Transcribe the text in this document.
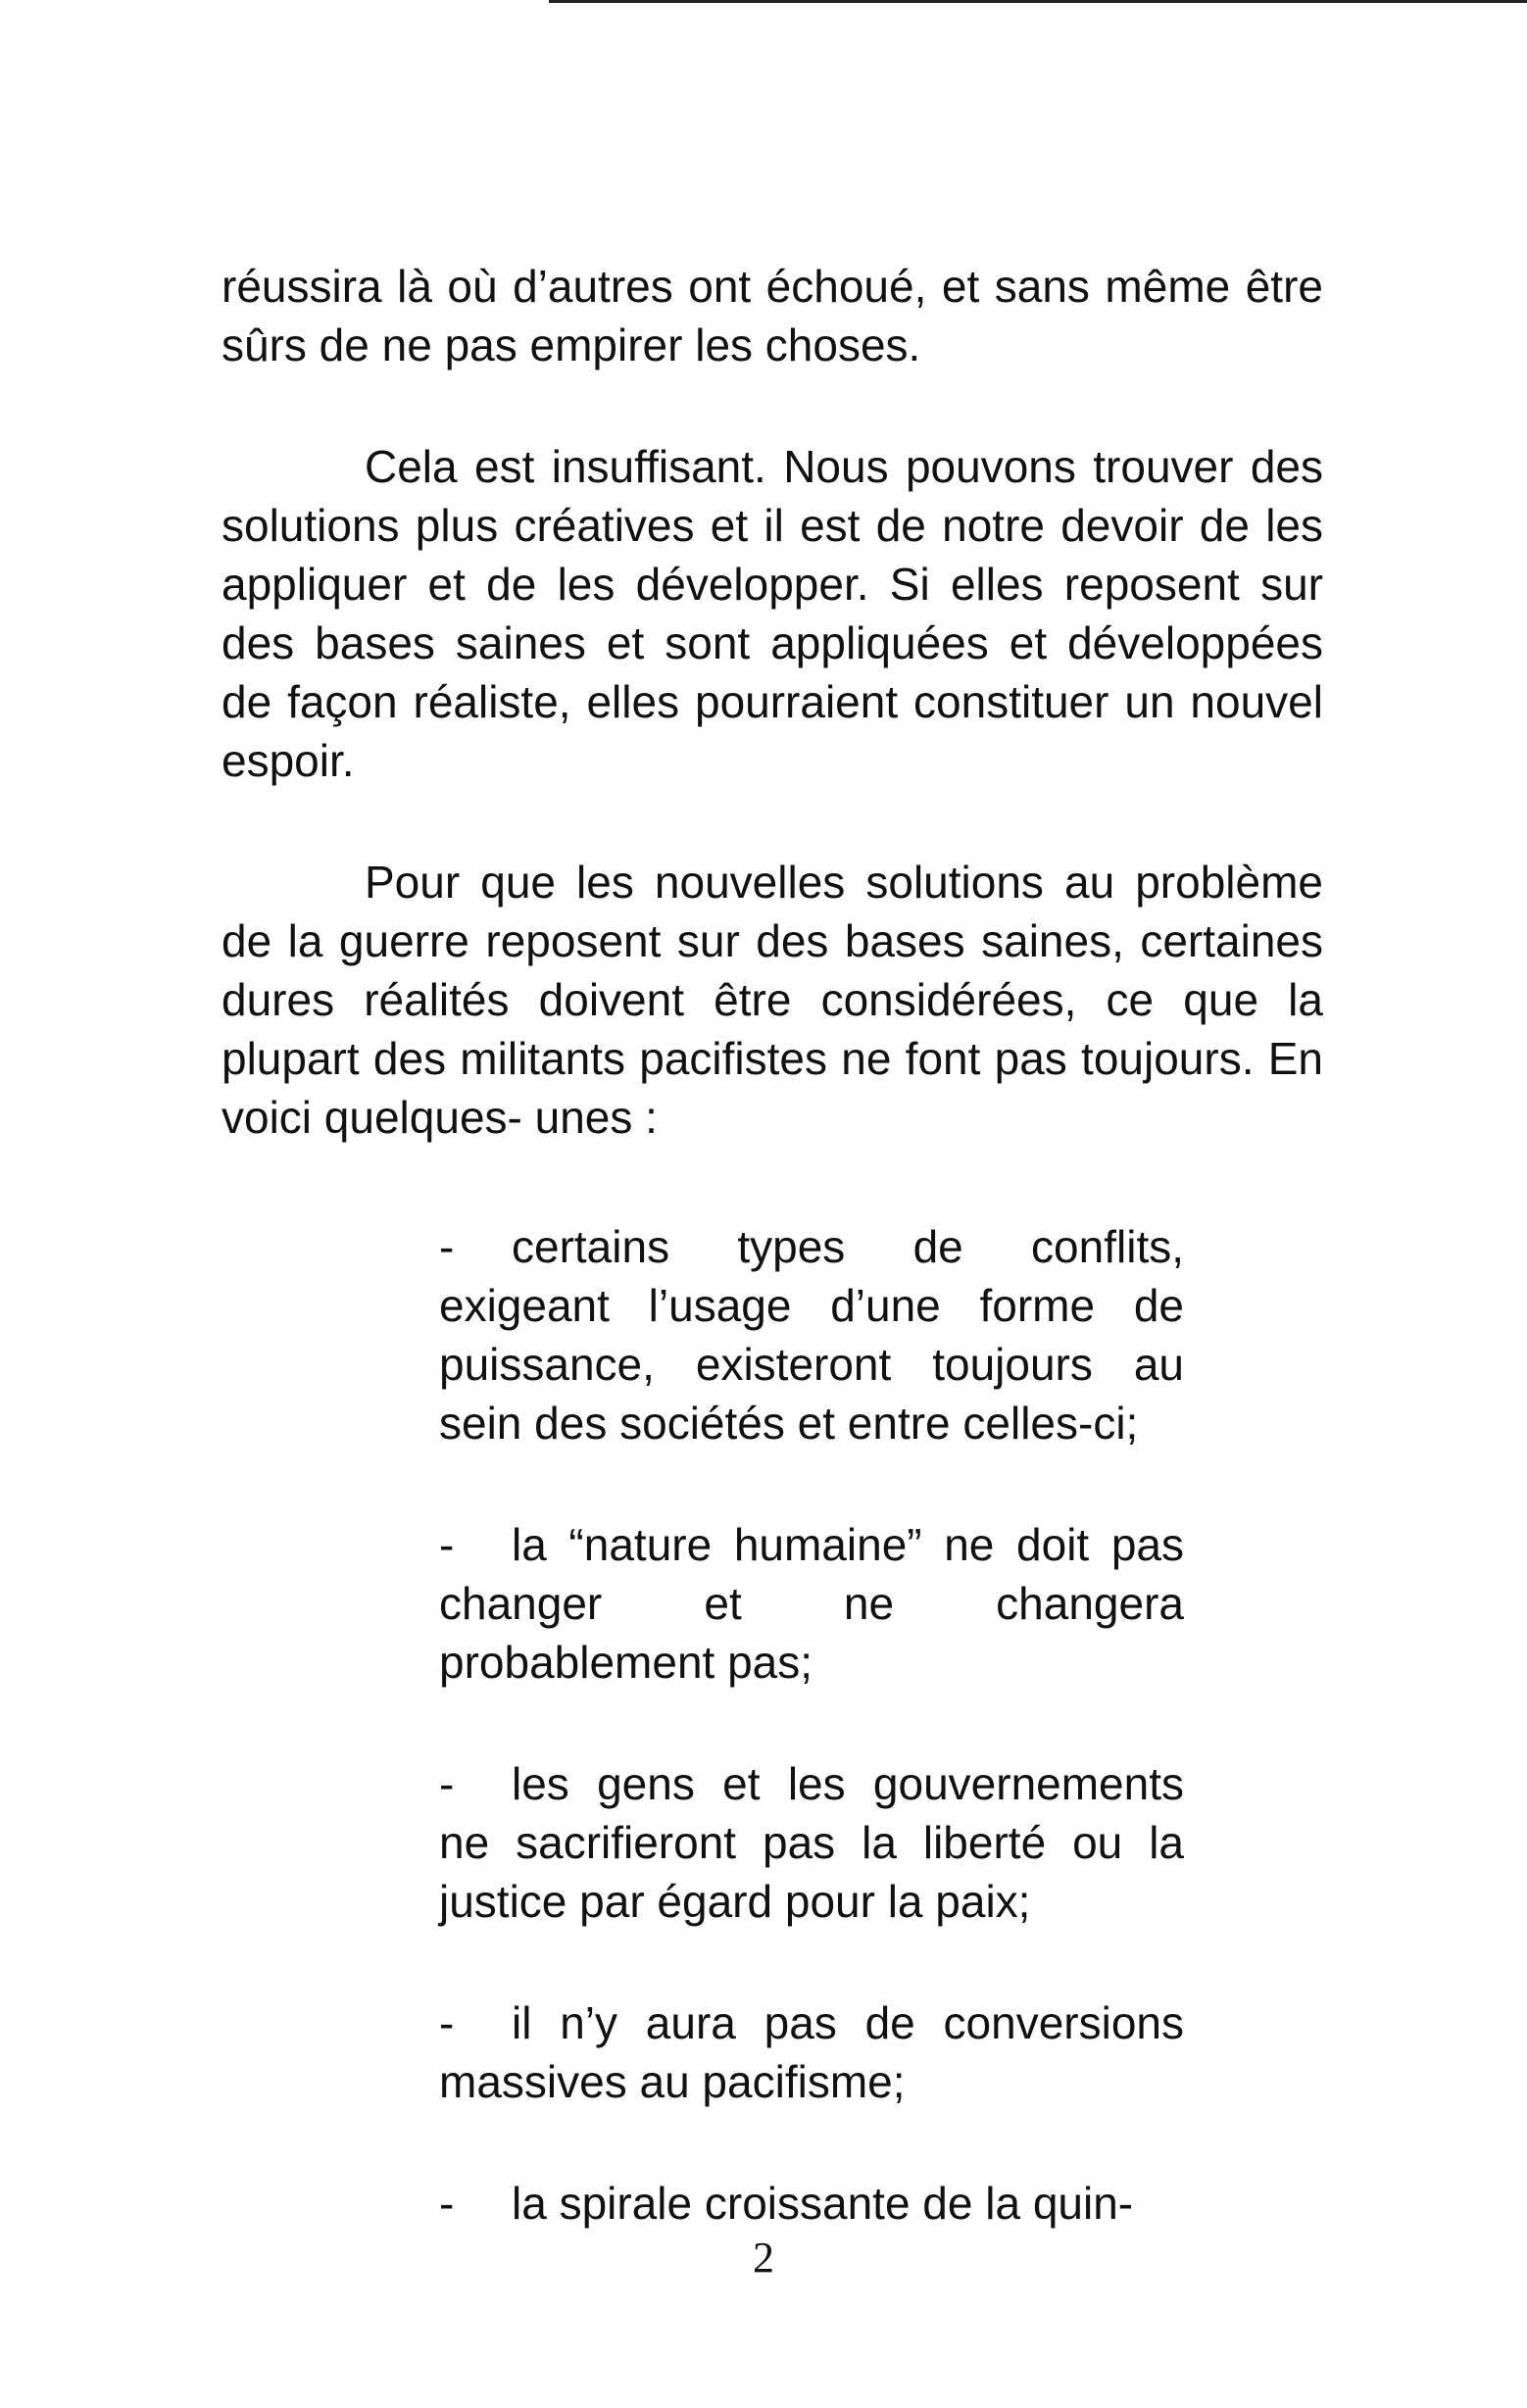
réussira là où d’autres ont échoué, et sans même être sûrs de ne pas empirer les choses.

Cela est insuffisant. Nous pouvons trouver des solutions plus créatives et il est de notre devoir de les appliquer et de les développer. Si elles reposent sur des bases saines et sont appliquées et développées de façon réaliste, elles pourraient constituer un nouvel espoir.

Pour que les nouvelles solutions au problème de la guerre reposent sur des bases saines, certaines dures réalités doivent être considérées, ce que la plupart des militants pacifistes ne font pas toujours. En voici quelques- unes :

- certains types de conflits, exigeant l’usage d’une forme de puissance, existeront toujours au sein des sociétés et entre celles-ci;
- la “nature humaine” ne doit pas changer et ne changera probablement pas;
- les gens et les gouvernements ne sacrifieront pas la liberté ou la justice par égard pour la paix;
- il n’y aura pas de conversions massives au pacifisme;
- la spirale croissante de la quin-
2
